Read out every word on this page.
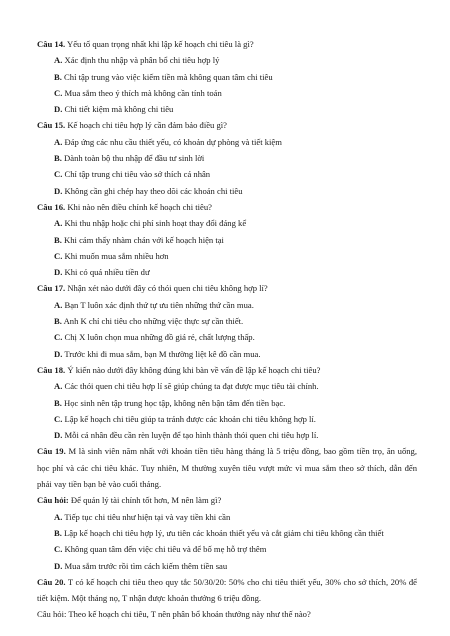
Câu 14. Yếu tố quan trọng nhất khi lập kế hoạch chi tiêu là gì?

A. Xác định thu nhập và phân bổ chi tiêu hợp lý

B. Chỉ tập trung vào việc kiếm tiền mà không quan tâm chi tiêu

C. Mua sắm theo ý thích mà không cần tính toán

D. Chi tiết kiệm mà không chi tiêu

Câu 15. Kế hoạch chi tiêu hợp lý cần đảm bảo điều gì?

A. Đáp ứng các nhu cầu thiết yếu, có khoản dự phòng và tiết kiệm

B. Dành toàn bộ thu nhập để đầu tư sinh lời

C. Chỉ tập trung chi tiêu vào sở thích cá nhân

D. Không cần ghi chép hay theo dõi các khoản chi tiêu

Câu 16. Khi nào nên điều chỉnh kế hoạch chi tiêu?

A. Khi thu nhập hoặc chi phí sinh hoạt thay đổi đáng kể

B. Khi cảm thấy nhàm chán với kế hoạch hiện tại

C. Khi muốn mua sắm nhiều hơn

D. Khi có quá nhiều tiền dư

Câu 17. Nhận xét nào dưới đây có thói quen chi tiêu không hợp lí?

A. Bạn T luôn xác định thứ tự ưu tiên những thứ cần mua.

B. Anh K chỉ chi tiêu cho những việc thực sự cần thiết.

C. Chị X luôn chọn mua những đồ giá rẻ, chất lượng thấp.

D. Trước khi đi mua sắm, bạn M thường liệt kê đồ cần mua.

Câu 18. Ý kiến nào dưới đây không đúng khi bàn về vấn đề lập kế hoạch chi tiêu?

A. Các thói quen chi tiêu hợp lí sẽ giúp chúng ta đạt được mục tiêu tài chính.

B. Học sinh nên tập trung học tập, không nên bận tâm đến tiền bạc.

C. Lập kế hoạch chi tiêu giúp ta tránh được các khoản chi tiêu không hợp lí.

D. Mỗi cá nhân đều cần rèn luyện để tạo hình thành thói quen chi tiêu hợp lí.

Câu 19. M là sinh viên năm nhất với khoản tiền tiêu hàng tháng là 5 triệu đồng, bao gồm tiền trọ, ăn uống, học phí và các chi tiêu khác. Tuy nhiên, M thường xuyên tiêu vượt mức vì mua sắm theo sở thích, dẫn đến phải vay tiền bạn bè vào cuối tháng.

Câu hỏi: Để quản lý tài chính tốt hơn, M nên làm gì?

A. Tiếp tục chi tiêu như hiện tại và vay tiền khi cần

B. Lập kế hoạch chi tiêu hợp lý, ưu tiên các khoản thiết yếu và cắt giảm chi tiêu không cần thiết

C. Không quan tâm đến việc chi tiêu và để bố mẹ hỗ trợ thêm

D. Mua sắm trước rồi tìm cách kiếm thêm tiền sau

Câu 20. T có kế hoạch chi tiêu theo quy tắc 50/30/20: 50% cho chi tiêu thiết yếu, 30% cho sở thích, 20% để tiết kiệm. Một tháng nọ, T nhận được khoản thưởng 6 triệu đồng.

Câu hỏi: Theo kế hoạch chi tiêu, T nên phân bổ khoản thưởng này như thế nào?
